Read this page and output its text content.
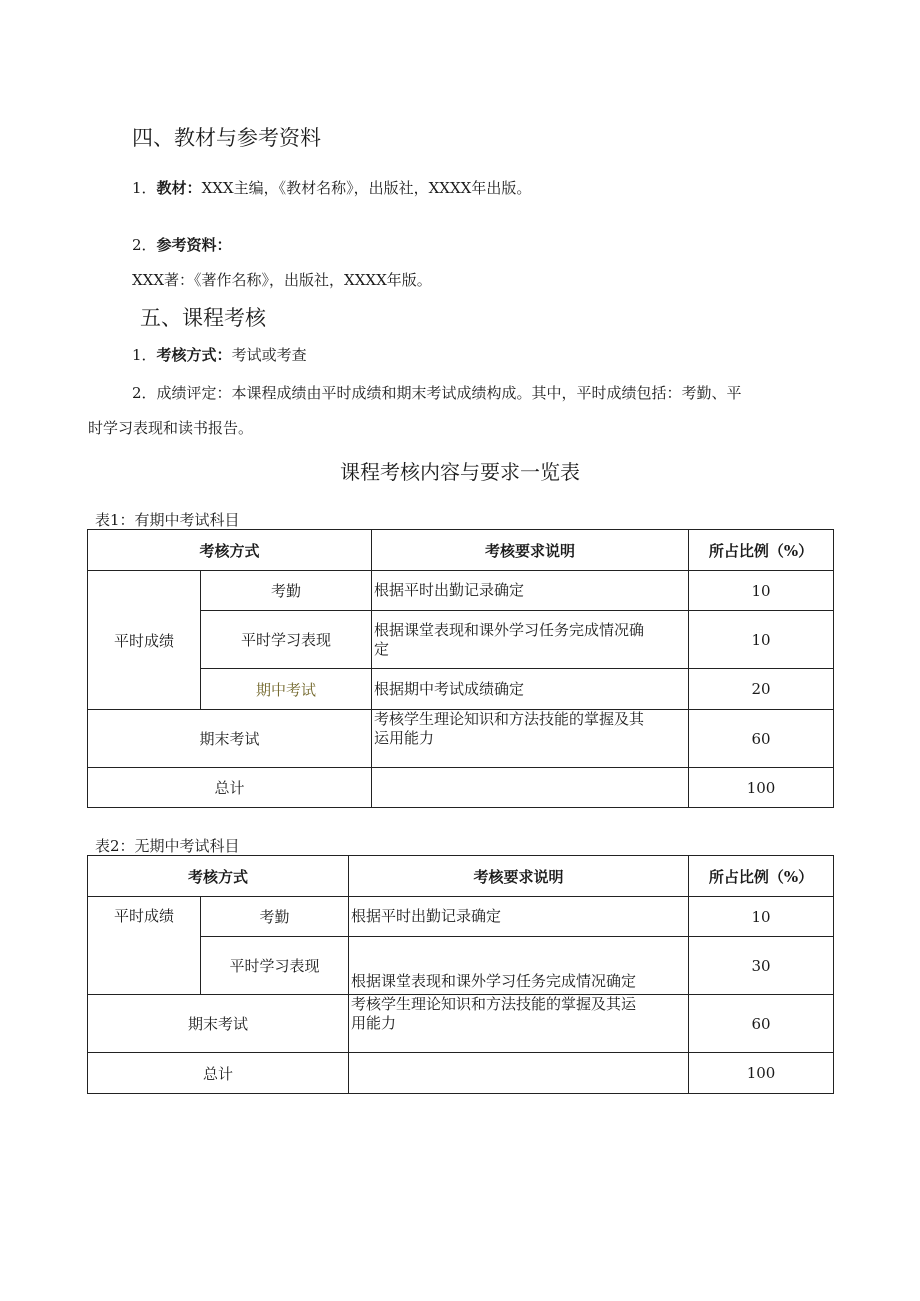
四、教材与参考资料
1．教材：XXX主编，《教材名称》，出版社，XXXX年出版。
2．参考资料：
XXX著：《著作名称》，出版社，XXXX年版。
五、课程考核
1．考核方式：考试或考查
2．成绩评定：本课程成绩由平时成绩和期末考试成绩构成。其中，平时成绩包括：考勤、平
时学习表现和读书报告。
课程考核内容与要求一览表
表1：有期中考试科目
考核方式		考核要求说明	所占比例（%）
平时成绩	考勤	根据平时出勤记录确定	10
	平时学习表现	根据课堂表现和课外学习任务完成情况确
定	10
	期中考试	根据期中考试成绩确定	20
期末考试		考核学生理论知识和方法技能的掌握及其
运用能力	60
总计			100
表2：无期中考试科目
考核方式		考核要求说明	所占比例（%）
平时成绩	考勤	根据平时出勤记录确定	10
	平时学习表现	根据课堂表现和课外学习任务完成情况确定	30
期末考试		考核学生理论知识和方法技能的掌握及其运
用能力	60
总计			100
